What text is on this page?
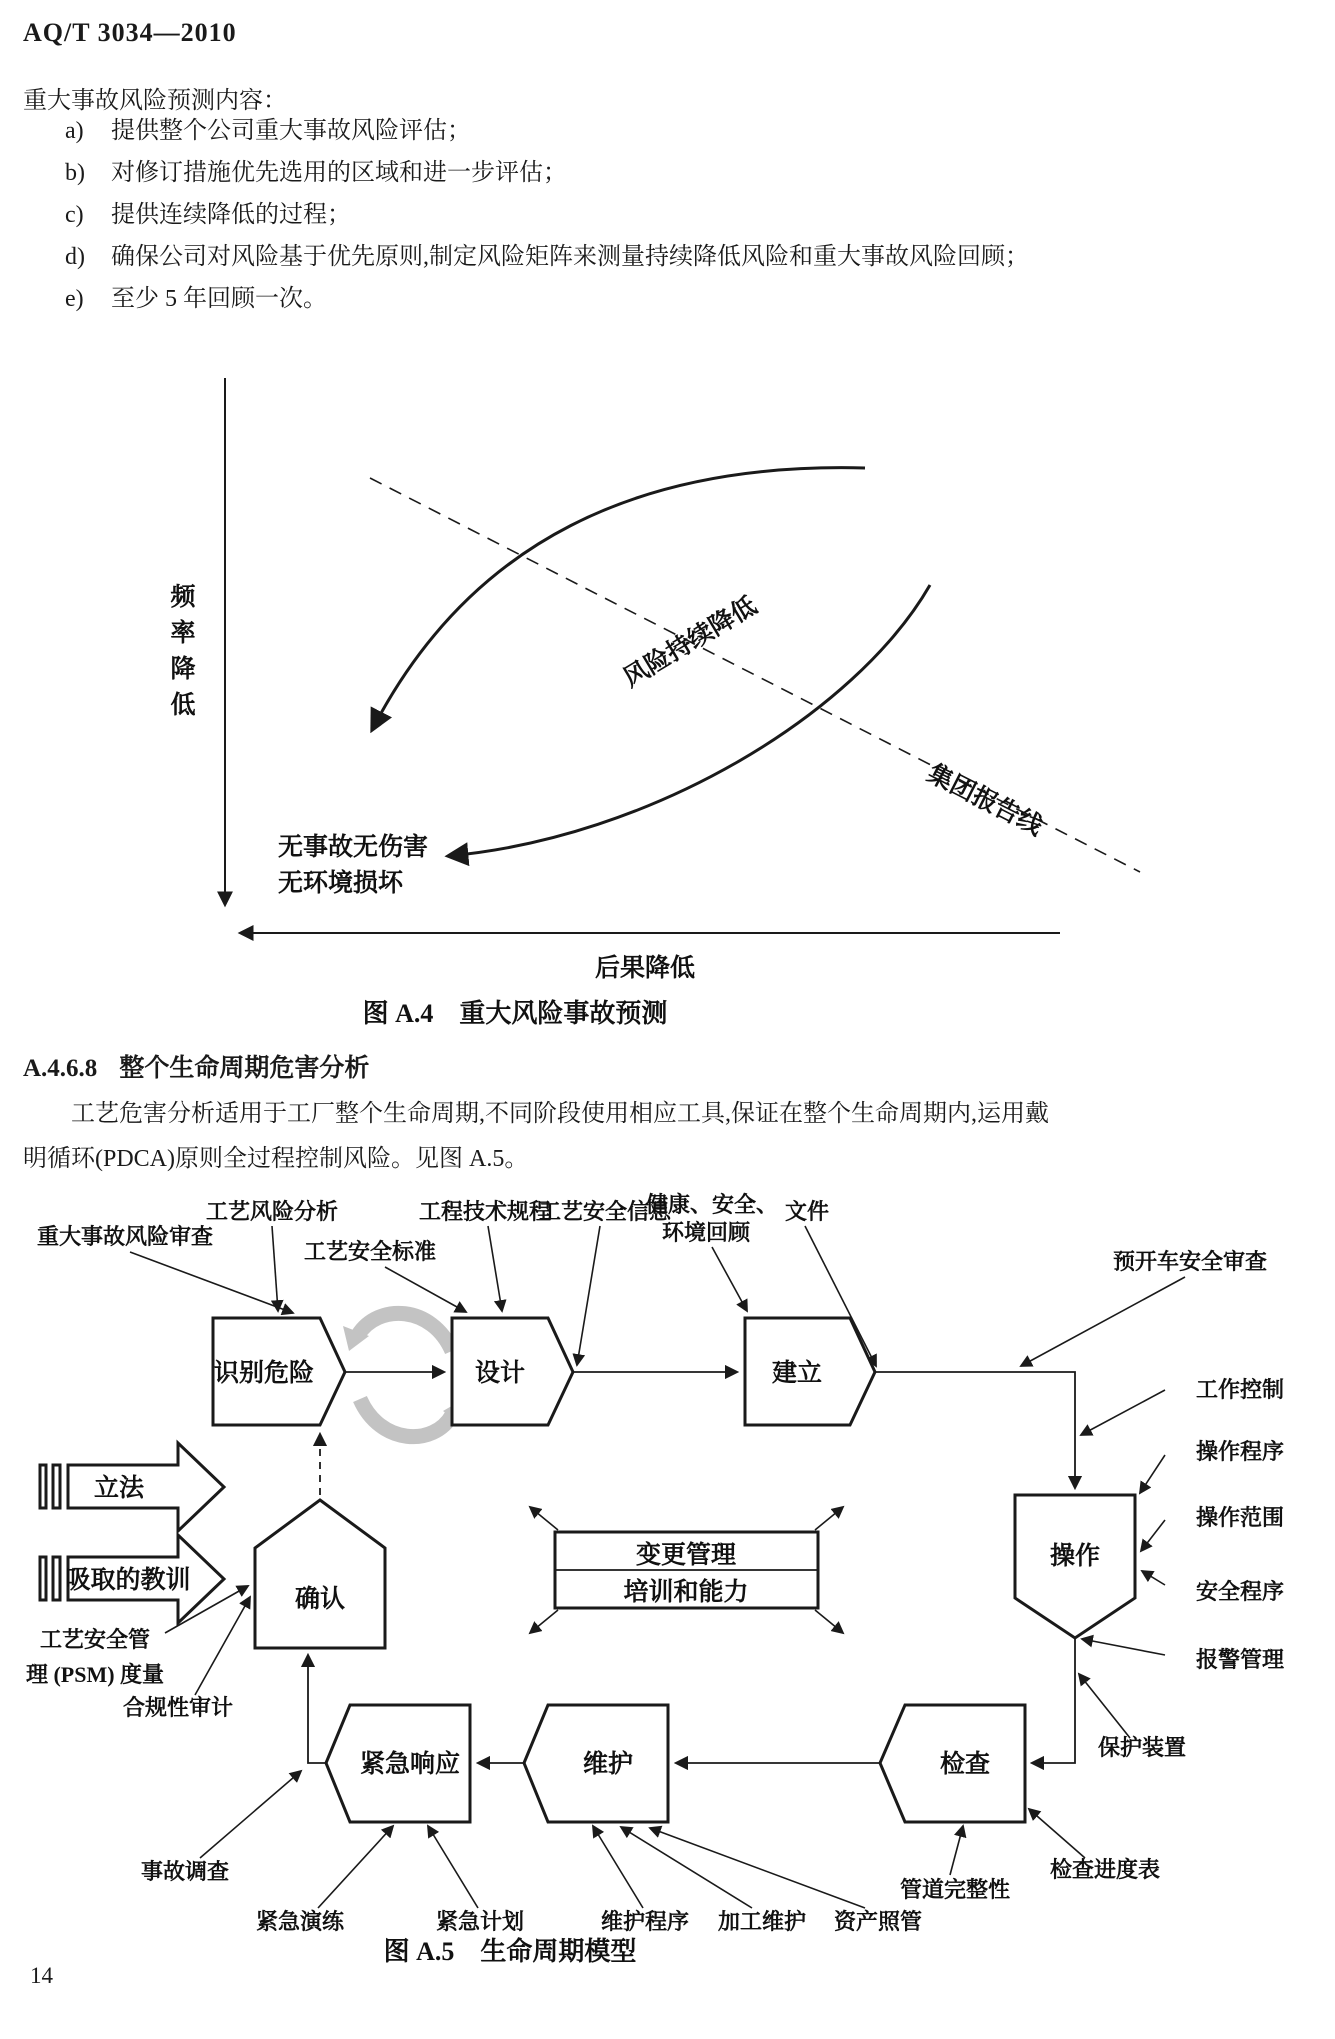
AQ/T 3034—2010
重大事故风险预测内容：
a)	提供整个公司重大事故风险评估；
b)	对修订措施优先选用的区域和进一步评估；
c)	提供连续降低的过程；
d)	确保公司对风险基于优先原则,制定风险矩阵来测量持续降低风险和重大事故风险回顾；
e)	至少 5 年回顾一次。
频
率
降
低
风险持续降低
集团报告线
无事故无伤害
无环境损坏
后果降低
图 A.4　重大风险事故预测
A.4.6.8 整个生命周期危害分析
工艺危害分析适用于工厂整个生命周期,不同阶段使用相应工具,保证在整个生命周期内,运用戴
明循环(PDCA)原则全过程控制风险。见图 A.5。
识别危险	设计	建立
操作
检查
维护
紧急响应
确认
变更管理
培训和能力
立法
吸取的教训
重大事故风险审查
工艺风险分析
工艺安全标准
工程技术规程
工艺安全信息
健康、安全、
环境回顾
文件
预开车安全审查
工作控制
操作程序
操作范围
安全程序
报警管理
保护装置
检查进度表
管道完整性
事故调查
紧急演练	紧急计划	维护程序 加工维护 资产照管
工艺安全管
理 (PSM) 度量
合规性审计
图 A.5　生命周期模型
14
